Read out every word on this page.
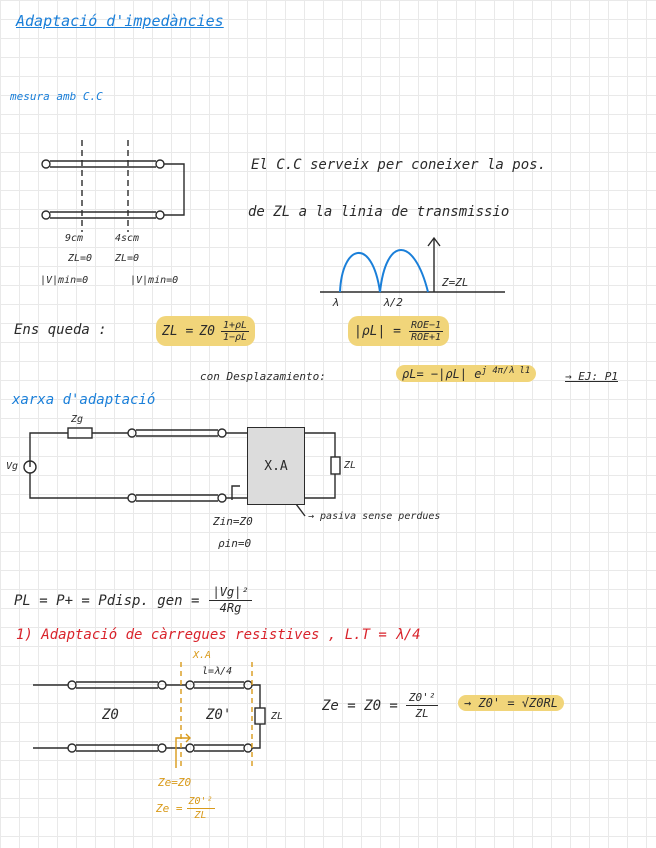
X.A
Adaptació d'impedàncies
mesura amb C.C
El C.C serveix per coneixer la pos.
de ZL a la linia de transmissio
9cm	4scm
ZL=0 ZL=0
|V|min=0	|V|min=0
λ	λ/2
Z=ZL
Ens queda :	ZL = $Z0 \frac{1+\rho L}{1-\rho L}$	|ρL| = ROE−1
ROE+1
con Desplazamiento:	ρL= −|ρL| $e^{j 4\pi/\lambda l1}$	→ EJ: P1
xarxa d'adaptació
Zg
Vg	ZL
Zin=Z0
ρin=0
→ pasiva sense perdues
PL = P+ = Pdisp. gen = $\frac{\text{|Vg|²}}{4Rg}$
1) Adaptació de càrregues resistives , L.T = λ/4
X.A
l=λ/4
Z0	Z0'	ZL
$Ze = Z0 = \frac{\text{Z0'²}}{ZL}$	→ Z0' = √Z0RL
Ze=Z0
$Ze = \frac{\text{Z0'²}}{ZL}$
